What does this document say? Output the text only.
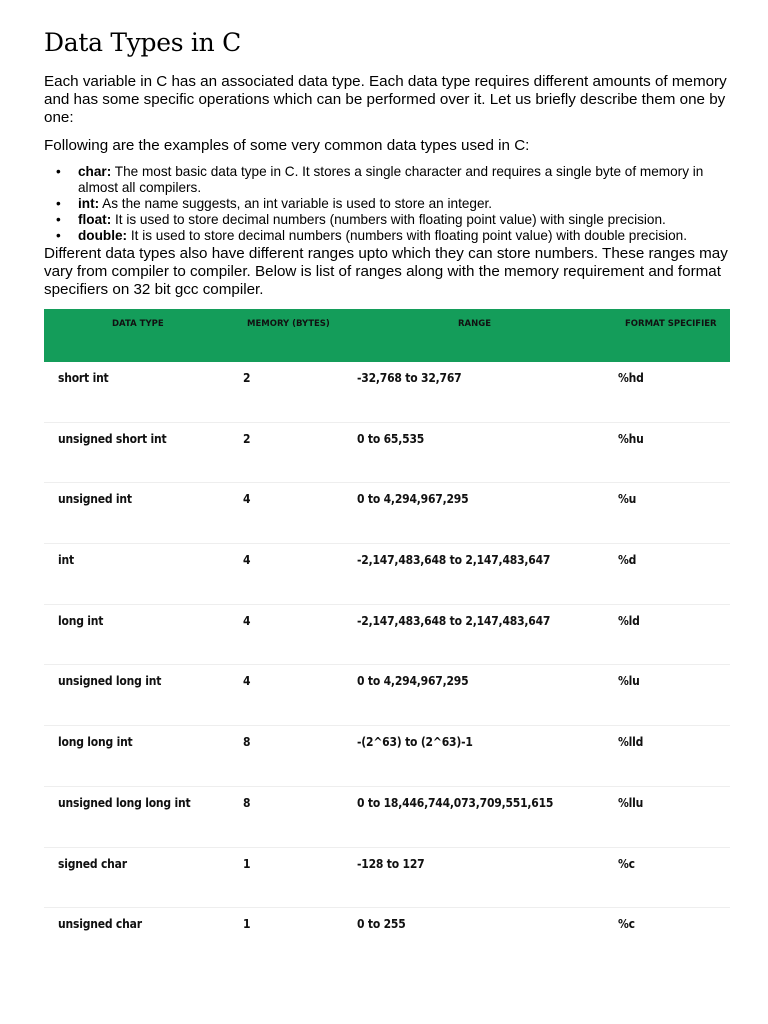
Data Types in C

Each variable in C has an associated data type. Each data type requires different amounts of memory and has some specific operations which can be performed over it. Let us briefly describe them one by one:

Following are the examples of some very common data types used in C:

• char: The most basic data type in C. It stores a single character and requires a single byte of memory in almost all compilers.
• int: As the name suggests, an int variable is used to store an integer.
• float: It is used to store decimal numbers (numbers with floating point value) with single precision.
• double: It is used to store decimal numbers (numbers with floating point value) with double precision.

Different data types also have different ranges upto which they can store numbers. These ranges may vary from compiler to compiler. Below is list of ranges along with the memory requirement and format specifiers on 32 bit gcc compiler.

DATA TYPE	MEMORY (BYTES)	RANGE	FORMAT SPECIFIER
short int	2	-32,768 to 32,767	%hd
unsigned short int	2	0 to 65,535	%hu
unsigned int	4	0 to 4,294,967,295	%u
int	4	-2,147,483,648 to 2,147,483,647	%d
long int	4	-2,147,483,648 to 2,147,483,647	%ld
unsigned long int	4	0 to 4,294,967,295	%lu
long long int	8	-(2^63) to (2^63)-1	%lld
unsigned long long int	8	0 to 18,446,744,073,709,551,615	%llu
signed char	1	-128 to 127	%c
unsigned char	1	0 to 255	%c
